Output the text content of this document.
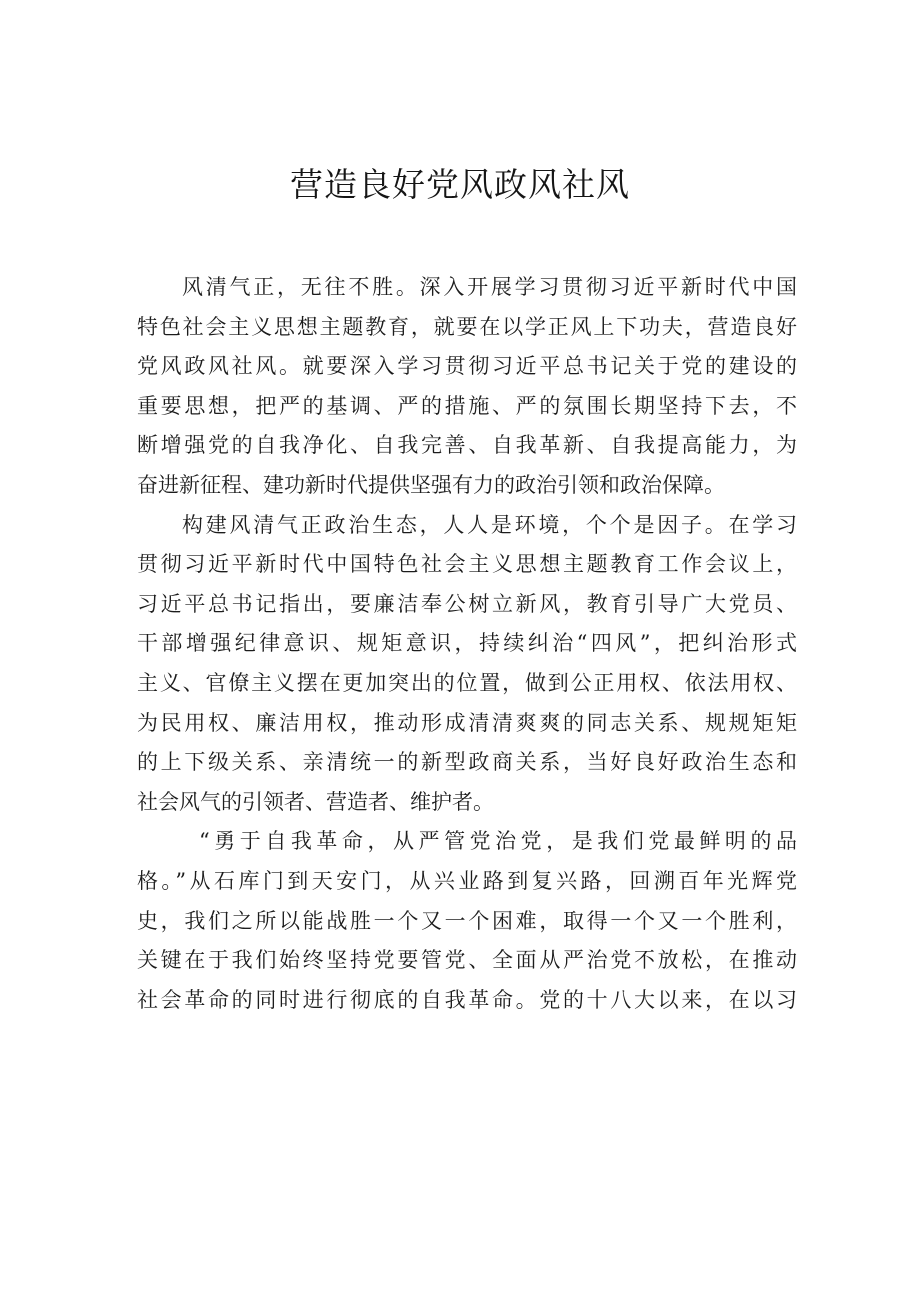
营造良好党风政风社风
风清气正，无往不胜。深入开展学习贯彻习近平新时代中国
特色社会主义思想主题教育，就要在以学正风上下功夫，营造良好
党风政风社风。就要深入学习贯彻习近平总书记关于党的建设的
重要思想，把严的基调、严的措施、严的氛围长期坚持下去，不
断增强党的自我净化、自我完善、自我革新、自我提高能力，为
奋进新征程、建功新时代提供坚强有力的政治引领和政治保障。
构建风清气正政治生态，人人是环境，个个是因子。在学习
贯彻习近平新时代中国特色社会主义思想主题教育工作会议上，
习近平总书记指出，要廉洁奉公树立新风，教育引导广大党员、
干部增强纪律意识、规矩意识，持续纠治“四风”，把纠治形式
主义、官僚主义摆在更加突出的位置，做到公正用权、依法用权、
为民用权、廉洁用权，推动形成清清爽爽的同志关系、规规矩矩
的上下级关系、亲清统一的新型政商关系，当好良好政治生态和
社会风气的引领者、营造者、维护者。
“勇于自我革命，从严管党治党，是我们党最鲜明的品
格。”从石库门到天安门，从兴业路到复兴路，回溯百年光辉党
史，我们之所以能战胜一个又一个困难，取得一个又一个胜利，
关键在于我们始终坚持党要管党、全面从严治党不放松，在推动
社会革命的同时进行彻底的自我革命。党的十八大以来，在以习
